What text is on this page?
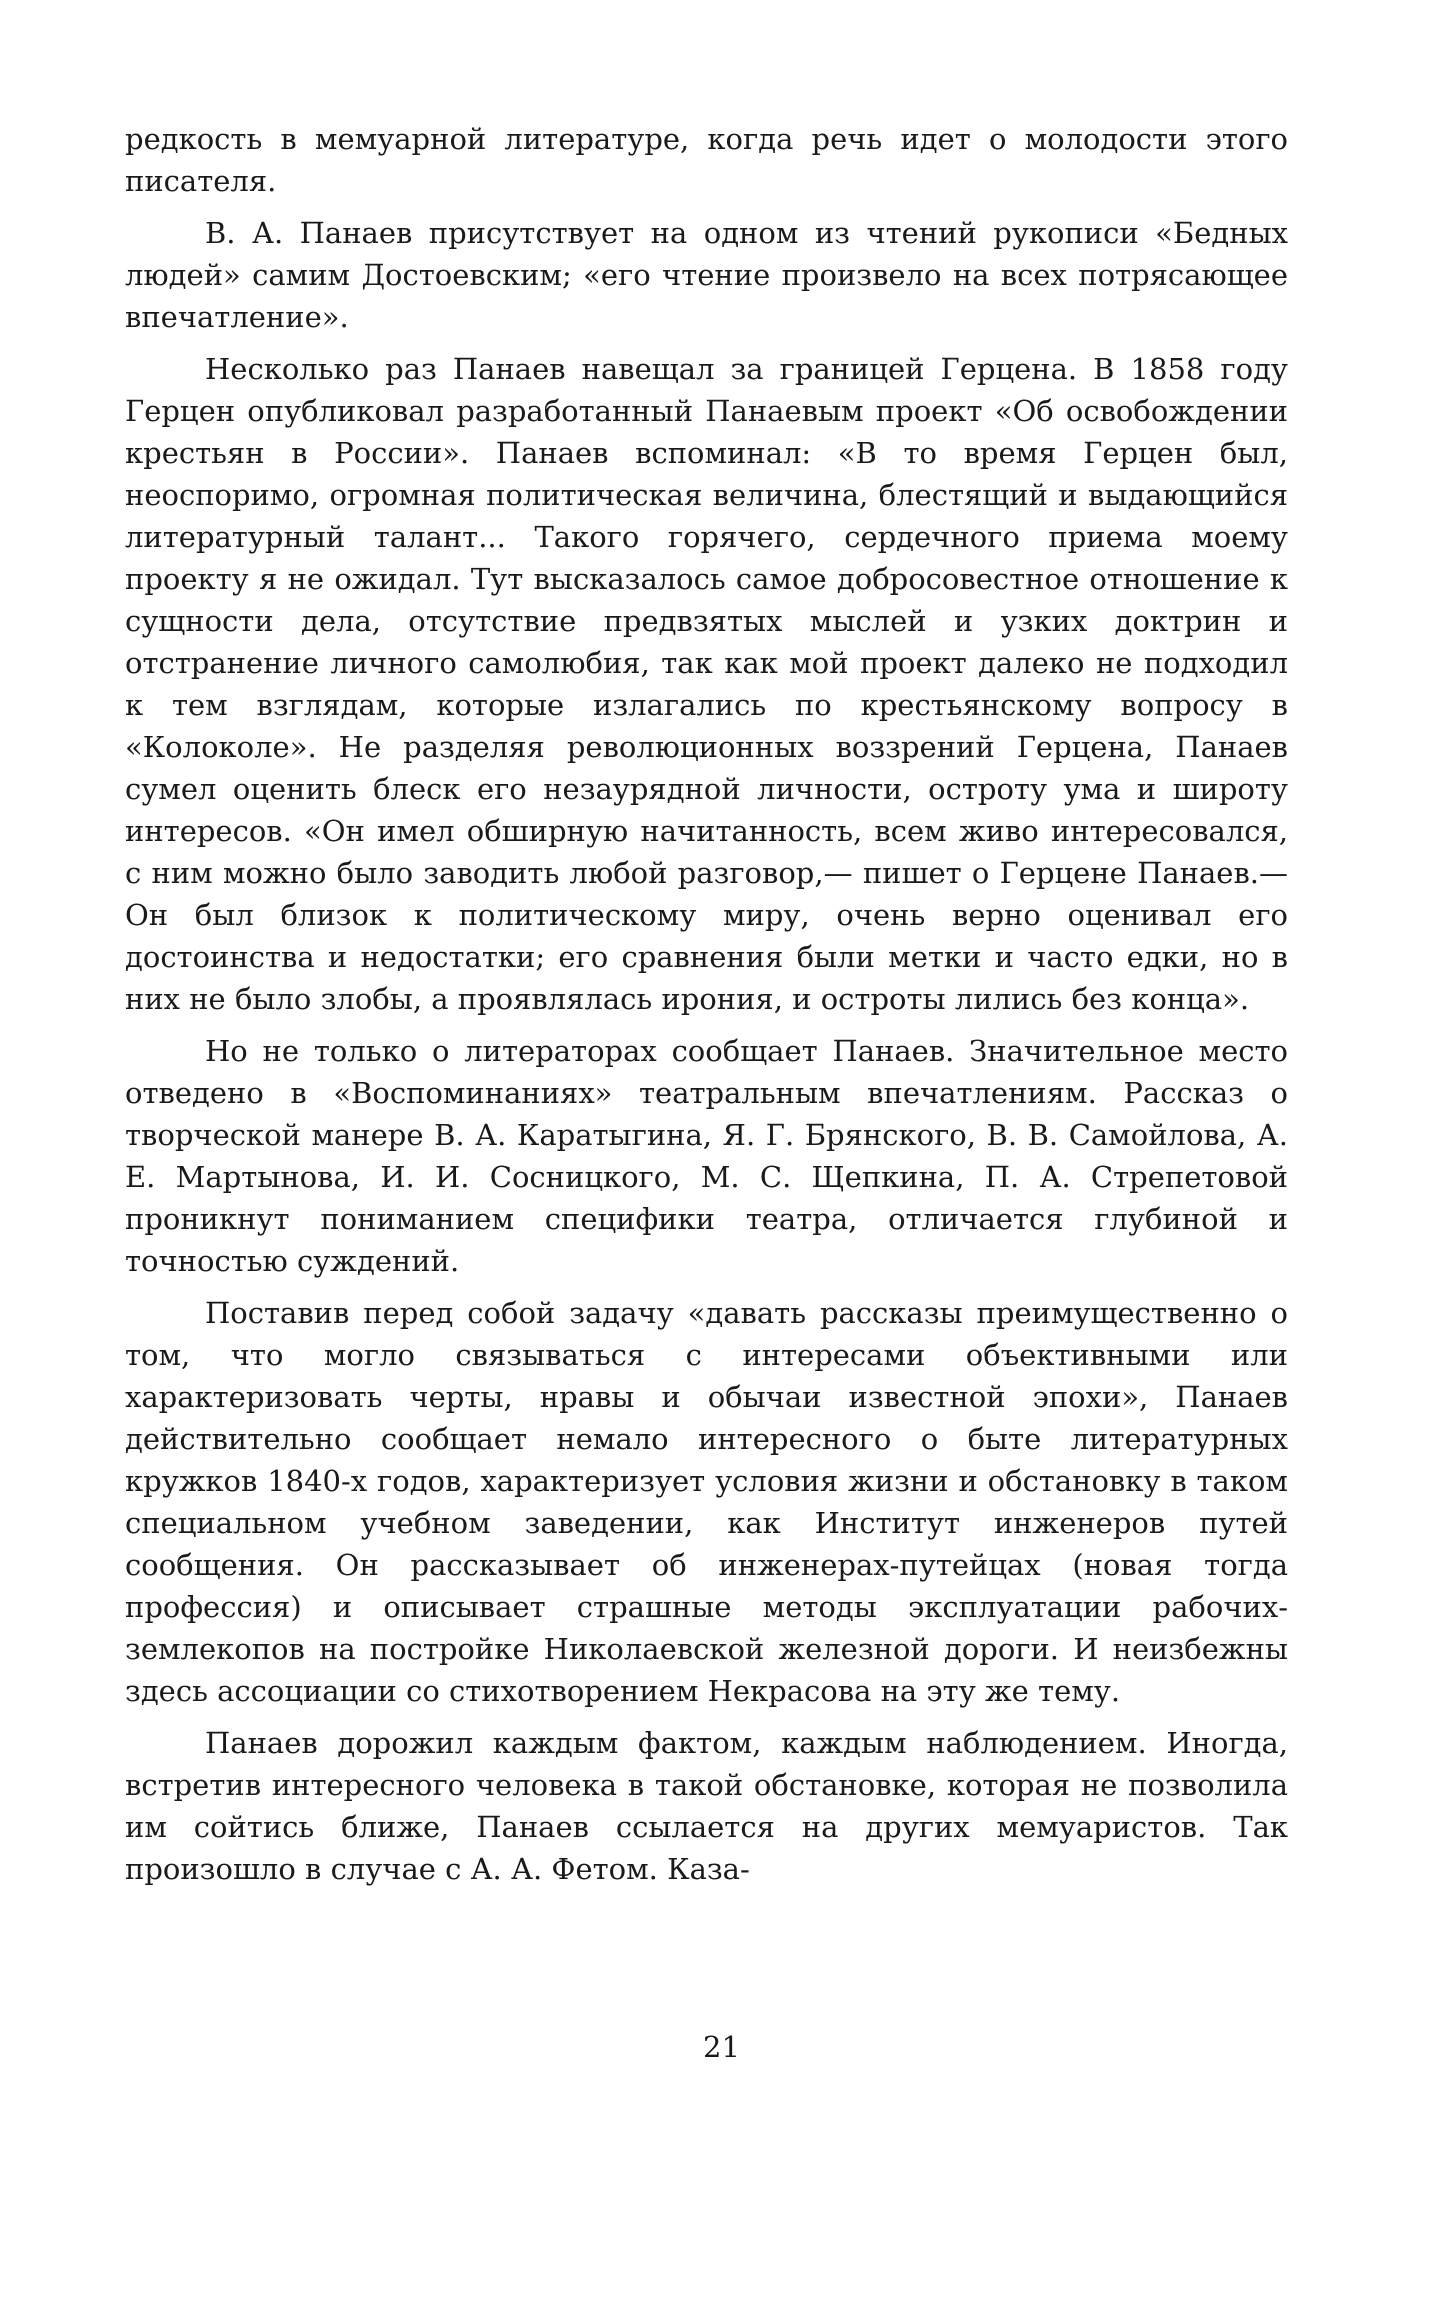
редкость в мемуарной литературе, когда речь идет о молодости этого писателя.

В. А. Панаев присутствует на одном из чтений рукописи «Бедных людей» самим Достоевским; «его чтение произвело на всех потрясающее впечатление».

Несколько раз Панаев навещал за границей Герцена. В 1858 году Герцен опубликовал разработанный Панаевым проект «Об освобождении крестьян в России». Панаев вспоминал: «В то время Герцен был, неоспоримо, огромная политическая величина, блестящий и выдающийся литературный талант... Такого горячего, сердечного приема моему проекту я не ожидал. Тут высказалось самое добросовестное отношение к сущности дела, отсутствие предвзятых мыслей и узких доктрин и отстранение личного самолюбия, так как мой проект далеко не подходил к тем взглядам, которые излагались по крестьянскому вопросу в «Колоколе». Не разделяя революционных воззрений Герцена, Панаев сумел оценить блеск его незаурядной личности, остроту ума и широту интересов. «Он имел обширную начитанность, всем живо интересовался, с ним можно было заводить любой разговор,— пишет о Герцене Панаев.— Он был близок к политическому миру, очень верно оценивал его достоинства и недостатки; его сравнения были метки и часто едки, но в них не было злобы, а проявлялась ирония, и остроты лились без конца».

Но не только о литераторах сообщает Панаев. Значительное место отведено в «Воспоминаниях» театральным впечатлениям. Рассказ о творческой манере В. А. Каратыгина, Я. Г. Брянского, В. В. Самойлова, А. Е. Мартынова, И. И. Сосницкого, М. С. Щепкина, П. А. Стрепетовой проникнут пониманием специфики театра, отличается глубиной и точностью суждений.

Поставив перед собой задачу «давать рассказы преимущественно о том, что могло связываться с интересами объективными или характеризовать черты, нравы и обычаи известной эпохи», Панаев действительно сообщает немало интересного о быте литературных кружков 1840-х годов, характеризует условия жизни и обстановку в таком специальном учебном заведении, как Институт инженеров путей сообщения. Он рассказывает об инженерах-путейцах (новая тогда профессия) и описывает страшные методы эксплуатации рабочих-землекопов на постройке Николаевской железной дороги. И неизбежны здесь ассоциации со стихотворением Некрасова на эту же тему.

Панаев дорожил каждым фактом, каждым наблюдением. Иногда, встретив интересного человека в такой обстановке, которая не позволила им сойтись ближе, Панаев ссылается на других мемуаристов. Так произошло в случае с А. А. Фетом. Каза-

21
